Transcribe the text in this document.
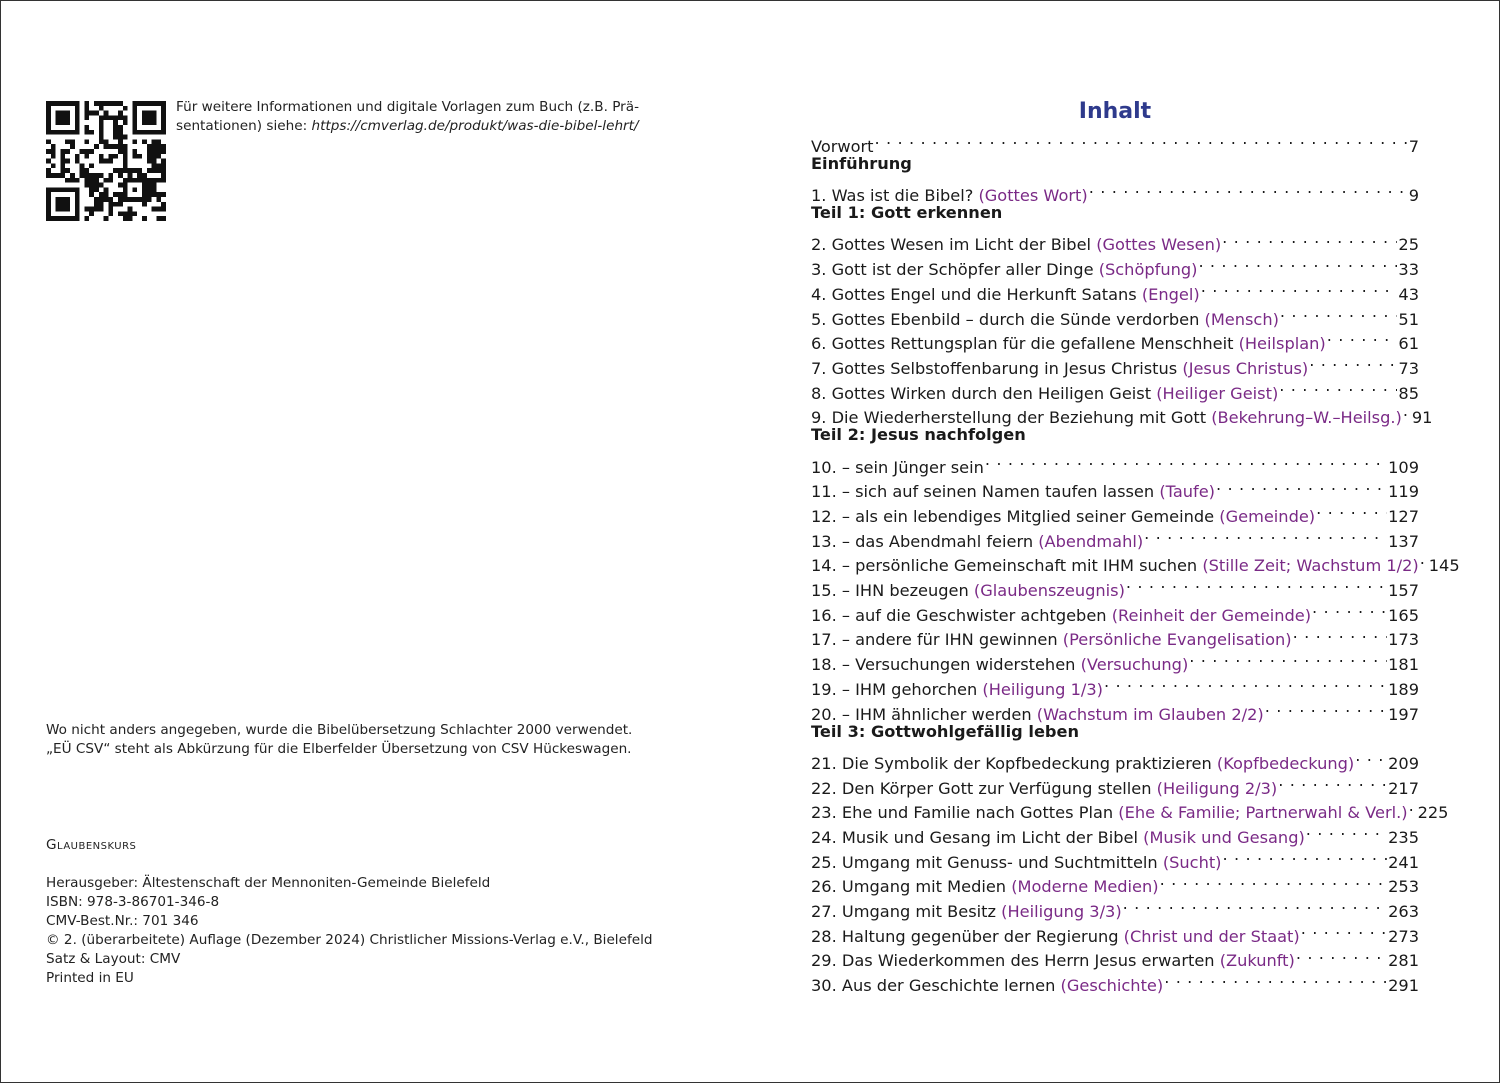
Für weitere Informationen und digitale Vorlagen zum Buch (z.B. Prä-sentationen) siehe: https://cmverlag.de/produkt/was-die-bibel-lehrt/
Wo nicht anders angegeben, wurde die Bibelübersetzung Schlachter 2000 verwendet.
„EÜ CSV“ steht als Abkürzung für die Elberfelder Übersetzung von CSV Hückeswagen.
Glaubenskurs
Herausgeber: Ältestenschaft der Mennoniten-Gemeinde Bielefeld
ISBN: 978-3-86701-346-8
CMV-Best.Nr.: 701 346
© 2. (überarbeitete) Auflage (Dezember 2024) Christlicher Missions-Verlag e.V., Bielefeld
Satz & Layout: CMV
Printed in EU
Inhalt
Vorwort . . .	7
Einführung
1. Was ist die Bibel? (Gottes Wort) . . .	9
Teil 1: Gott erkennen
2. Gottes Wesen im Licht der Bibel (Gottes Wesen) . . .	25
3. Gott ist der Schöpfer aller Dinge (Schöpfung) . . .	33
4. Gottes Engel und die Herkunft Satans (Engel) . . .	43
5. Gottes Ebenbild – durch die Sünde verdorben (Mensch) . . .	51
6. Gottes Rettungsplan für die gefallene Menschheit (Heilsplan) . . .	61
7. Gottes Selbstoffenbarung in Jesus Christus (Jesus Christus) . . .	73
8. Gottes Wirken durch den Heiligen Geist (Heiliger Geist) . . .	85
9. Die Wiederherstellung der Beziehung mit Gott (Bekehrung–W.–Heilsg.) . . . 91
Teil 2: Jesus nachfolgen
10. – sein Jünger sein . . .	109
11. – sich auf seinen Namen taufen lassen (Taufe) . . .	119
12. – als ein lebendiges Mitglied seiner Gemeinde (Gemeinde) . . .	127
13. – das Abendmahl feiern (Abendmahl) . . .	137
14. – persönliche Gemeinschaft mit IHM suchen (Stille Zeit; Wachstum 1/2) . . . 145
15. – IHN bezeugen (Glaubenszeugnis) . . .	157
16. – auf die Geschwister achtgeben (Reinheit der Gemeinde) . . .	165
17. – andere für IHN gewinnen (Persönliche Evangelisation) . . .	173
18. – Versuchungen widerstehen (Versuchung) . . .	181
19. – IHM gehorchen (Heiligung 1/3) . . .	189
20. – IHM ähnlicher werden (Wachstum im Glauben 2/2) . . .	197
Teil 3: Gottwohlgefällig leben
21. Die Symbolik der Kopfbedeckung praktizieren (Kopfbedeckung) . . . 209
22. Den Körper Gott zur Verfügung stellen (Heiligung 2/3) . . .	217
23. Ehe und Familie nach Gottes Plan (Ehe & Familie; Partnerwahl & Verl.) . . . 225
24. Musik und Gesang im Licht der Bibel (Musik und Gesang) . . .	235
25. Umgang mit Genuss- und Suchtmitteln (Sucht) . . .	241
26. Umgang mit Medien (Moderne Medien) . . .	253
27. Umgang mit Besitz (Heiligung 3/3) . . .	263
28. Haltung gegenüber der Regierung (Christ und der Staat) . . .	273
29. Das Wiederkommen des Herrn Jesus erwarten (Zukunft) . . .	281
30. Aus der Geschichte lernen (Geschichte) . . .	291
